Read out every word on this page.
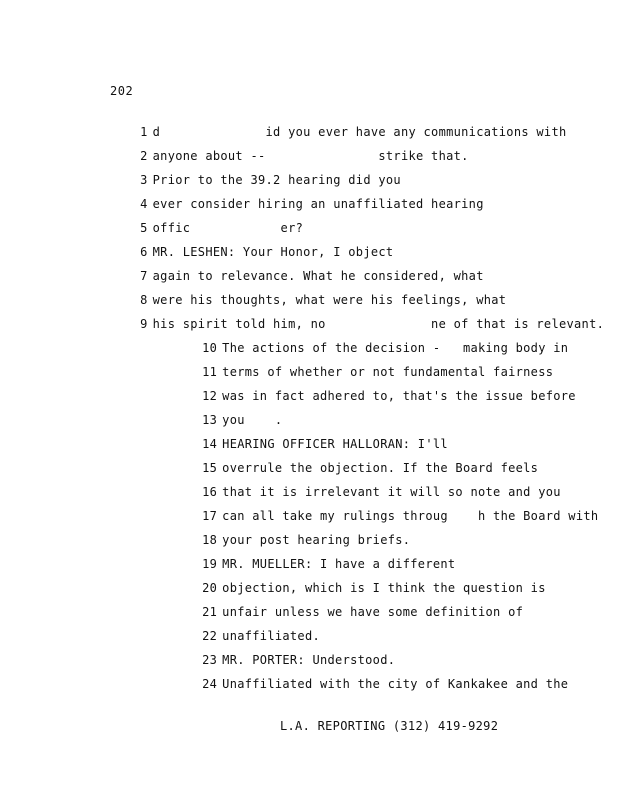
202

1 d              id you ever have any communications with

2 anyone about --               strike that.

3 Prior to the 39.2 hearing did you

4 ever consider hiring an unaffiliated hearing

5 offic            er?

6 MR. LESHEN: Your Honor, I object

7 again to relevance. What he considered, what

8 were his thoughts, what were his feelings, what

9 his spirit told him, no              ne of that is relevant.

10 The actions of the decision -   making body in

11 terms of whether or not fundamental fairness

12 was in fact adhered to, that's the issue before

13 you    .

14 HEARING OFFICER HALLORAN: I'll

15 overrule the objection. If the Board feels

16 that it is irrelevant it will so note and you

17 can all take my rulings throug    h the Board with

18 your post hearing briefs.

19 MR. MUELLER: I have a different

20 objection, which is I think the question is

21 unfair unless we have some definition of

22 unaffiliated.

23 MR. PORTER: Understood.

24 Unaffiliated with the city of Kankakee and the

L.A. REPORTING (312) 419-9292
